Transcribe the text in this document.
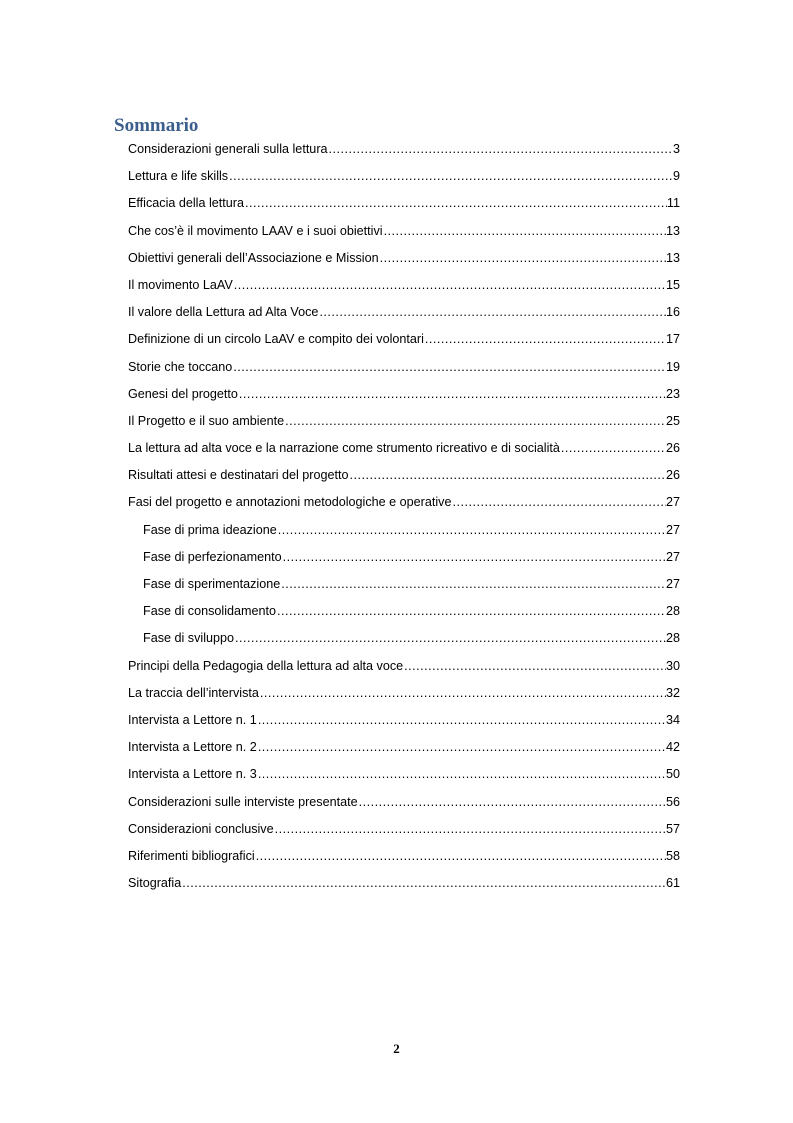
Sommario
Considerazioni generali sulla lettura .....	3
Lettura e life skills .....	9
Efficacia della lettura .....	11
Che cos’è il movimento LAAV e i suoi obiettivi .....	13
Obiettivi generali dell’Associazione e Mission .....	13
Il movimento LaAV .....	15
Il valore della Lettura ad Alta Voce .....	16
Definizione di un circolo LaAV e compito dei volontari .....	17
Storie che toccano .....	19
Genesi del progetto .....	23
Il Progetto e il suo ambiente .....	25
La lettura ad alta voce e la narrazione come strumento ricreativo e di socialità .....	26
Risultati attesi e destinatari del progetto .....	26
Fasi del progetto e annotazioni metodologiche e operative .....	27
Fase di prima ideazione .....	27
Fase di perfezionamento .....	27
Fase di sperimentazione .....	27
Fase di consolidamento .....	28
Fase di sviluppo .....	28
Principi della Pedagogia della lettura ad alta voce .....	30
La traccia dell’intervista .....	32
Intervista a Lettore n. 1 .....	34
Intervista a Lettore n. 2 .....	42
Intervista a Lettore n. 3 .....	50
Considerazioni sulle interviste presentate .....	56
Considerazioni conclusive .....	57
Riferimenti bibliografici .....	58
Sitografia .....	61
2
